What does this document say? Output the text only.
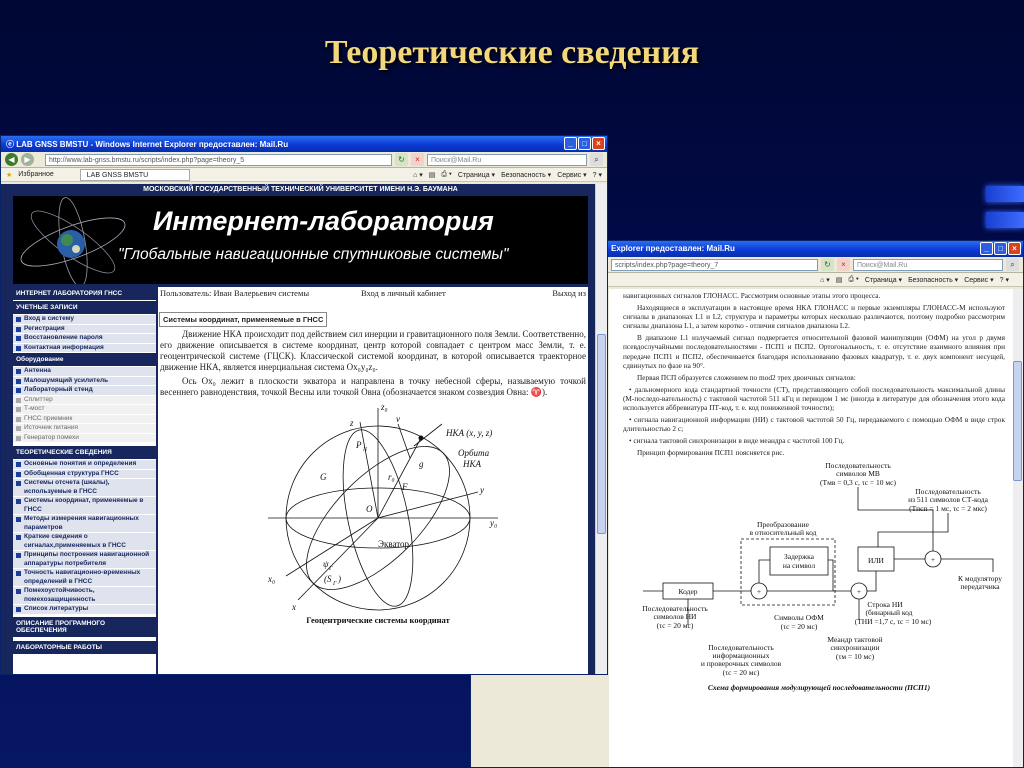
Теоретические сведения
Explorer предоставлен: Mail.Ru	_	□	×
scripts/index.php?page=theory_7	↻	×	Поиск@Mail.Ru	⌕
⌂ ▾ ▤ ⎙ ▾ Страница ▾ Безопасность ▾ Сервис ▾ ? ▾
навигационных сигналов ГЛОНАСС. Рассмотрим основные этапы этого процесса.
Находящиеся в эксплуатации в настоящее время НКА ГЛОНАСС и первые экземпляры ГЛОНАСС-М используют сигналы в диапазонах L1 и L2, структура и параметры которых несколько различаются, поэтому подробно рассмотрим сигналы диапазона L1, а затем коротко - отличия сигналов диапазона L2.
В диапазоне L1 излучаемый сигнал подвергается относительной фазовой манипуляции (ОФМ) на угол p двумя псевдослучайными последовательностями - ПСП1 и ПСП2. Ортогональность, т. е. отсутствие взаимного влияния при передаче ПСП1 и ПСП2, обеспечивается благодаря использованию фазовых квадратур, т. е. двух компонент несущей, сдвинутых по фазе на 90°.
Первая ПСП образуется сложением по mod2 трех двоичных сигналов:
• дальномерного кода стандартной точности (СТ), представляющего собой последовательность максимальной длины (М-последо-вательность) с тактовой частотой 511 кГц и периодом 1 мс (иногда в литературе для обозначения этого кода используется аббревиатура ПТ-код, т. е. код пониженной точности);
• сигнала навигационной информации (НИ) с тактовой частотой 50 Гц, передаваемого с помощью ОФМ в виде строк длительностью 2 с;
• сигнала тактовой синхронизации в виде меандра с частотой 100 Гц.
Принцип формирования ПСП1 поясняется рис.
Последовательность
символов МВ
(Tмв = 0,3 с, τс = 10 мс)
Последовательность
из 511 символов СТ-кода
(Tпсп = 1 мс, τс = 2 мкс)
Преобразование
в относительный код
Задержка
на символ
ИЛИ
Кодер	+	+
+
К модулятору
передатчика
Последовательность
символов НИ
(τс = 20 мс)
Символы ОФМ
(τс = 20 мс)
Строка НИ
(бинарный код
(TНИ =1,7 с, τс = 10 мс)
Последовательность
информационных
и проверочных символов
(τс = 20 мс)
Меандр тактовой
синхронизации
(τм = 10 мс)
Схема формирования модулирующей последовательности (ПСП1)
ⓔ LAB GNSS BMSTU - Windows Internet Explorer предоставлен: Mail.Ru	_	□	×
◀	▶	http://www.lab-gnss.bmstu.ru/scripts/index.php?page=theory_5	↻	×	Поиск@Mail.Ru	⌕
★ Избранное	LAB GNSS BMSTU	⌂ ▾ ▤ ⎙ ▾ Страница ▾ Безопасность ▾ Сервис ▾ ? ▾
МОСКОВСКИЙ ГОСУДАРСТВЕННЫЙ ТЕХНИЧЕСКИЙ УНИВЕРСИТЕТ ИМЕНИ Н.Э. БАУМАНА
Интернет-лаборатория
"Глобальные навигационные спутниковые системы"
ИНТЕРНЕТ ЛАБОРАТОРИЯ ГНСС
УЧЕТНЫЕ ЗАПИСИ
Вход в систему
Регистрация
Восстановление пароля
Контактная информация
Оборудование
Антенна
Малошумящий усилитель
Лабораторный стенд
Сплиттер
Т-мост
ГНСС приемник
Источник питания
Генератор помехи
ТЕОРЕТИЧЕСКИЕ СВЕДЕНИЯ
Основные понятия и определения
Обобщенная структура ГНСС
Системы отсчета (шкалы), используемые в ГНСС
Системы координат, применяемые в ГНСС
Методы измерения навигационных параметров
Краткие сведения о сигналах,применяемых в ГНСС
Принципы построения навигационной аппаратуры потребителя
Точность навигационно-временных определений в ГНСС
Помехоустойчивость, помехозащищенность
Список литературы
ОПИСАНИЕ ПРОГРАМНОГО ОБЕСПЕЧЕНИЯ
ЛАБОРАТОРНЫЕ РАБОТЫ
Пользователь: Иван Валерьевич системы	Вход в личный кабинет	Выход из
Системы координат, применяемые в ГНСС
Движение НКА происходит под действием сил инерции и гравитационного поля Земли. Соответственно, его движение описывается в системе координат, центр которой совпадает с центром масс Земли, т. е. геоцентрической системе (ГЦСК). Классической системой координат, в которой описывается траекторное движение НКА, является инерциальная система Ox₀y₀z₀.
Ось Ox₀ лежит в плоскости экватора и направлена в точку небесной сферы, называемую точкой весеннего равноденствия, точкой Весны или точкой Овна (обозначается знаком созвездия Овна: ♈).
z₀
z
P N
v
НКА (x, y, z)
Орбита
НКА
G
g
r₀
F
O
y
y₀
Экватор
x₀
x
ψ Г
(S Г )
Геоцентрические системы координат
